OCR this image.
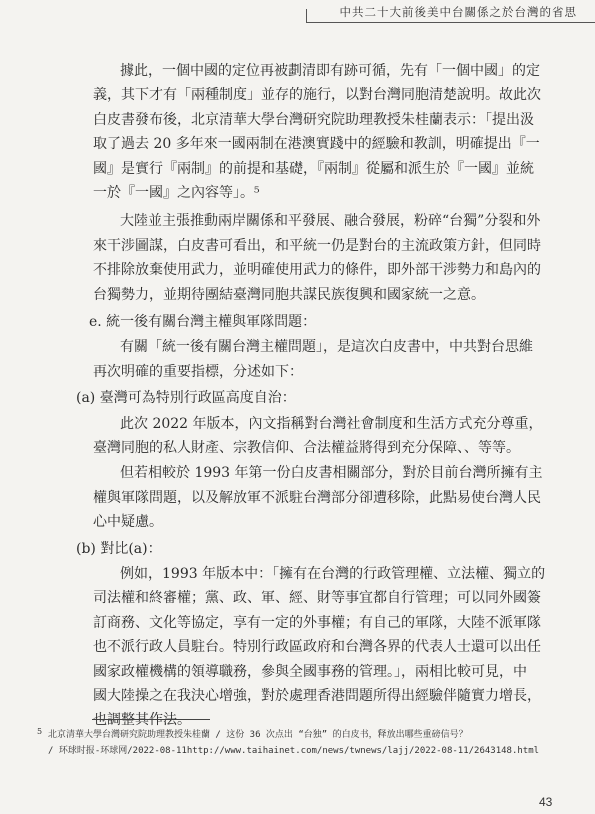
中共二十大前後美中台關係之於台灣的省思
據此，一個中國的定位再被劃清即有跡可循，先有「一個中國」的定
義，其下才有「兩種制度」並存的施行，以對台灣同胞清楚說明。故此次
白皮書發布後，北京清華大學台灣研究院助理教授朱桂蘭表示：「提出汲
取了過去 20 多年來一國兩制在港澳實踐中的經驗和教訓，明確提出『一
國』是實行『兩制』的前提和基礎，『兩制』從屬和派生於『一國』並統
一於『一國』之內容等」。⁵
大陸並主張推動兩岸關係和平發展、融合發展，粉碎“台獨”分裂和外
來干涉圖謀，白皮書可看出，和平統一仍是對台的主流政策方針，但同時
不排除放棄使用武力，並明確使用武力的條件，即外部干涉勢力和島內的
台獨勢力，並期待團結臺灣同胞共謀民族復興和國家統一之意。
e. 統一後有關台灣主權與軍隊問題：
有關「統一後有關台灣主權問題」，是這次白皮書中，中共對台思維
再次明確的重要指標，分述如下：
(a) 臺灣可為特別行政區高度自治：
此次 2022 年版本，內文指稱對台灣社會制度和生活方式充分尊重，
臺灣同胞的私人財產、宗教信仰、合法權益將得到充分保障、、等等。
但若相較於 1993 年第一份白皮書相關部分，對於目前台灣所擁有主
權與軍隊問題，以及解放軍不派駐台灣部分卻遭移除，此點易使台灣人民
心中疑慮。
(b) 對比(a)：
例如，1993 年版本中：「擁有在台灣的行政管理權、立法權、獨立的
司法權和終審權；黨、政、軍、經、財等事宜都自行管理；可以同外國簽
訂商務、文化等協定，享有一定的外事權；有自己的軍隊，大陸不派軍隊
也不派行政人員駐台。特別行政區政府和台灣各界的代表人士還可以出任
國家政權機構的領導職務，參與全國事務的管理。」，兩相比較可見，中
國大陸操之在我決心增強，對於處理香港問題所得出經驗伴隨實力增長，
也調整其作法。
5 北京清華大學台灣研究院助理教授朱桂蘭 / 这份 36 次点出 “台独” 的白皮书，释放出哪些重磅信号？
/ 环球时报-环球网/2022-08-11http://www.taihainet.com/news/twnews/lajj/2022-08-11/2643148.html
43
